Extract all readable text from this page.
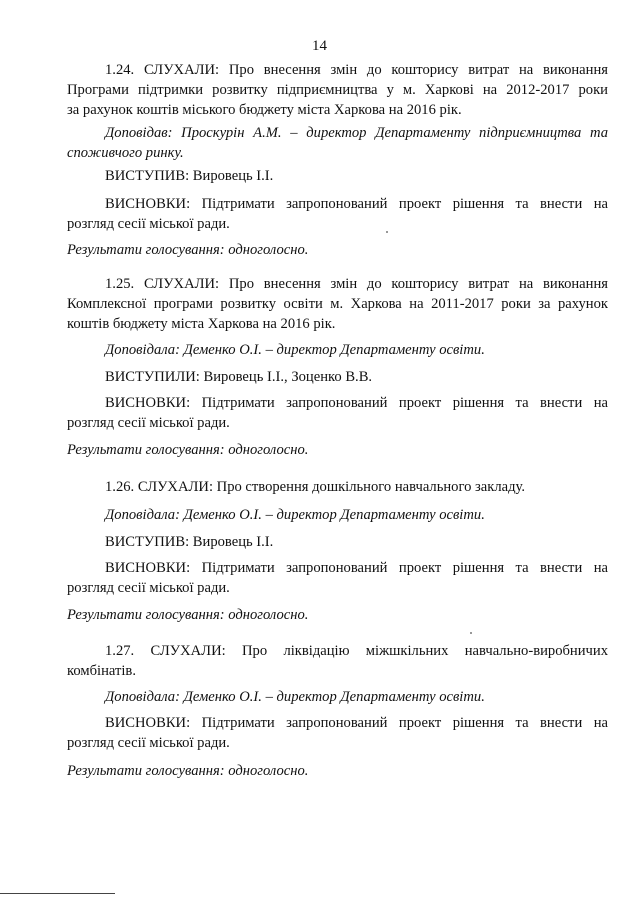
14
1.24. СЛУХАЛИ: Про внесення змін до кошторису витрат на виконання
Програми підтримки розвитку підприємництва у м. Харкові на 2012-2017 роки
за рахунок коштів міського бюджету міста Харкова на 2016 рік.
Доповідав: Проскурін А.М. – директор Департаменту підприємництва та споживчого ринку.
ВИСТУПИВ: Вировець І.І.
ВИСНОВКИ: Підтримати запропонований проект рішення та внести на
розгляд сесії міської ради.
Результати голосування: одноголосно.
1.25. СЛУХАЛИ: Про внесення змін до кошторису витрат на виконання
Комплексної програми розвитку освіти м. Харкова на 2011-2017 роки за рахунок
коштів бюджету міста Харкова на 2016 рік.
Доповідала: Деменко О.І. – директор Департаменту освіти.
ВИСТУПИЛИ: Вировець І.І., Зоценко В.В.
ВИСНОВКИ: Підтримати запропонований проект рішення та внести на
розгляд сесії міської ради.
Результати голосування: одноголосно.
1.26. СЛУХАЛИ: Про створення дошкільного навчального закладу.
Доповідала: Деменко О.І. – директор Департаменту освіти.
ВИСТУПИВ: Вировець І.І.
ВИСНОВКИ: Підтримати запропонований проект рішення та внести на
розгляд сесії міської ради.
Результати голосування: одноголосно.
1.27. СЛУХАЛИ: Про ліквідацію міжшкільних навчально-виробничих
комбінатів.
Доповідала: Деменко О.І. – директор Департаменту освіти.
ВИСНОВКИ: Підтримати запропонований проект рішення та внести на
розгляд сесії міської ради.
Результати голосування: одноголосно.
